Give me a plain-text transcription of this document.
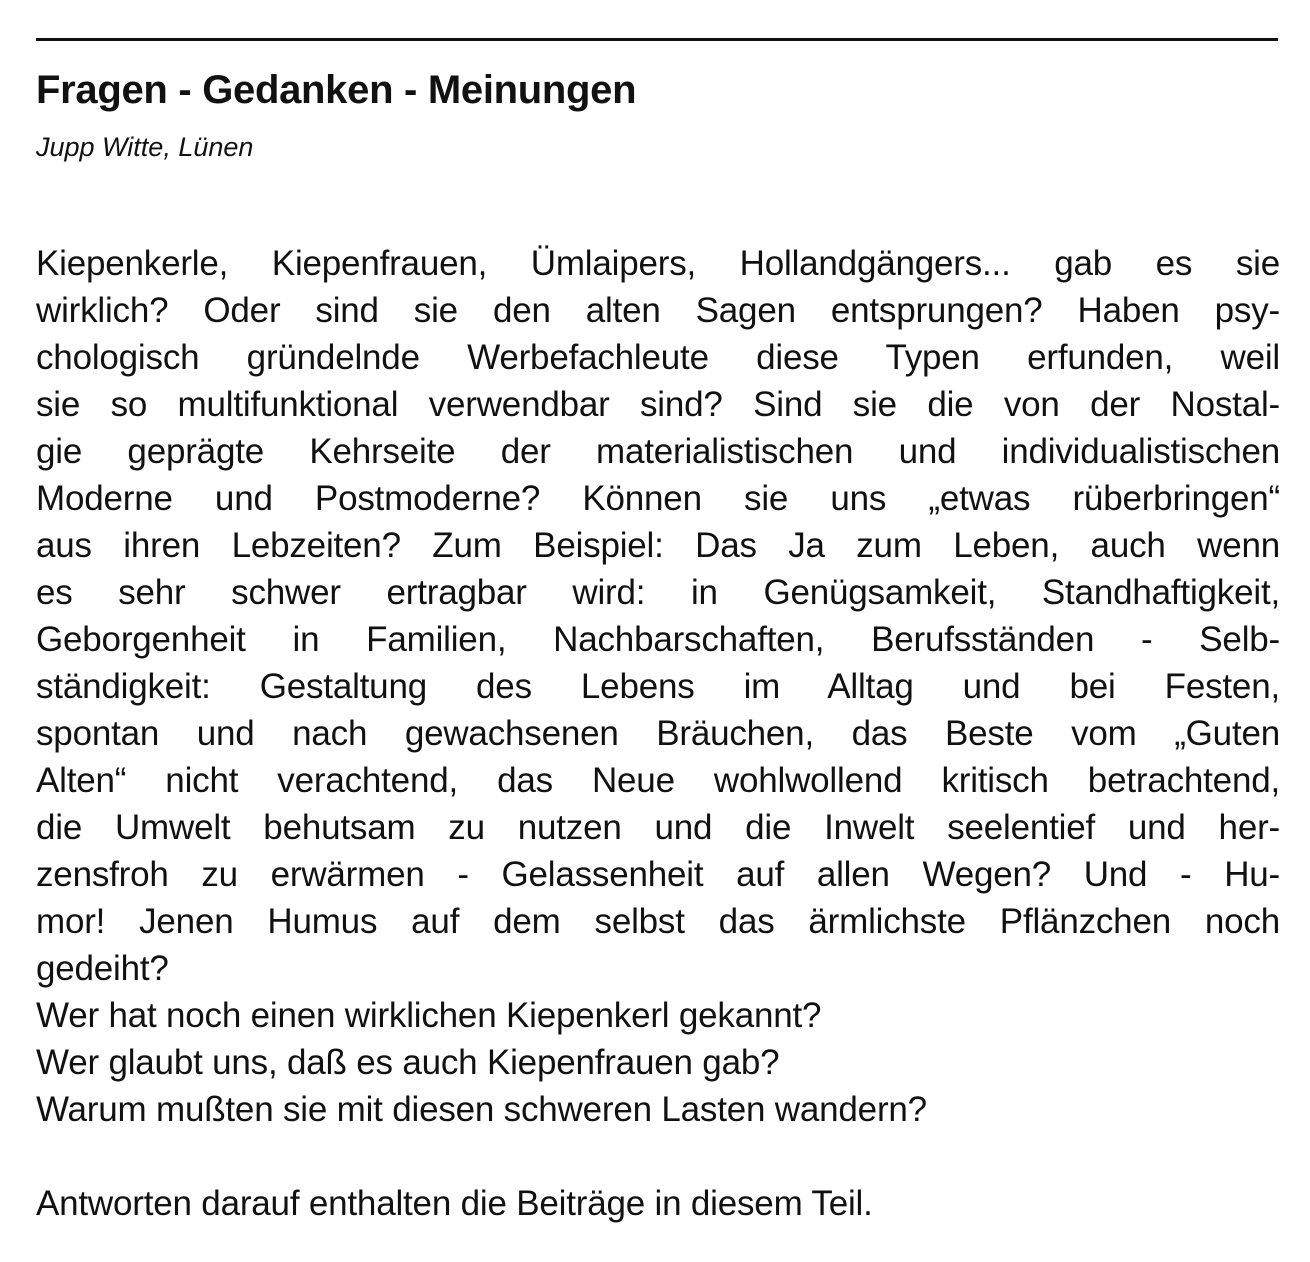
Fragen - Gedanken - Meinungen

Jupp Witte, Lünen

Kiepenkerle, Kiepenfrauen, Ümlaipers, Hollandgängers... gab es sie
wirklich? Oder sind sie den alten Sagen entsprungen? Haben psy-
chologisch gründelnde Werbefachleute diese Typen erfunden, weil
sie so multifunktional verwendbar sind? Sind sie die von der Nostal-
gie geprägte Kehrseite der materialistischen und individualistischen
Moderne und Postmoderne? Können sie uns „etwas rüberbringen“
aus ihren Lebzeiten? Zum Beispiel: Das Ja zum Leben, auch wenn
es sehr schwer ertragbar wird: in Genügsamkeit, Standhaftigkeit,
Geborgenheit in Familien, Nachbarschaften, Berufsständen - Selb-
ständigkeit: Gestaltung des Lebens im Alltag und bei Festen,
spontan und nach gewachsenen Bräuchen, das Beste vom „Guten
Alten“ nicht verachtend, das Neue wohlwollend kritisch betrachtend,
die Umwelt behutsam zu nutzen und die Inwelt seelentief und her-
zensfroh zu erwärmen - Gelassenheit auf allen Wegen? Und - Hu-
mor! Jenen Humus auf dem selbst das ärmlichste Pflänzchen noch
gedeiht?
Wer hat noch einen wirklichen Kiepenkerl gekannt?
Wer glaubt uns, daß es auch Kiepenfrauen gab?
Warum mußten sie mit diesen schweren Lasten wandern?
Antworten darauf enthalten die Beiträge in diesem Teil.
